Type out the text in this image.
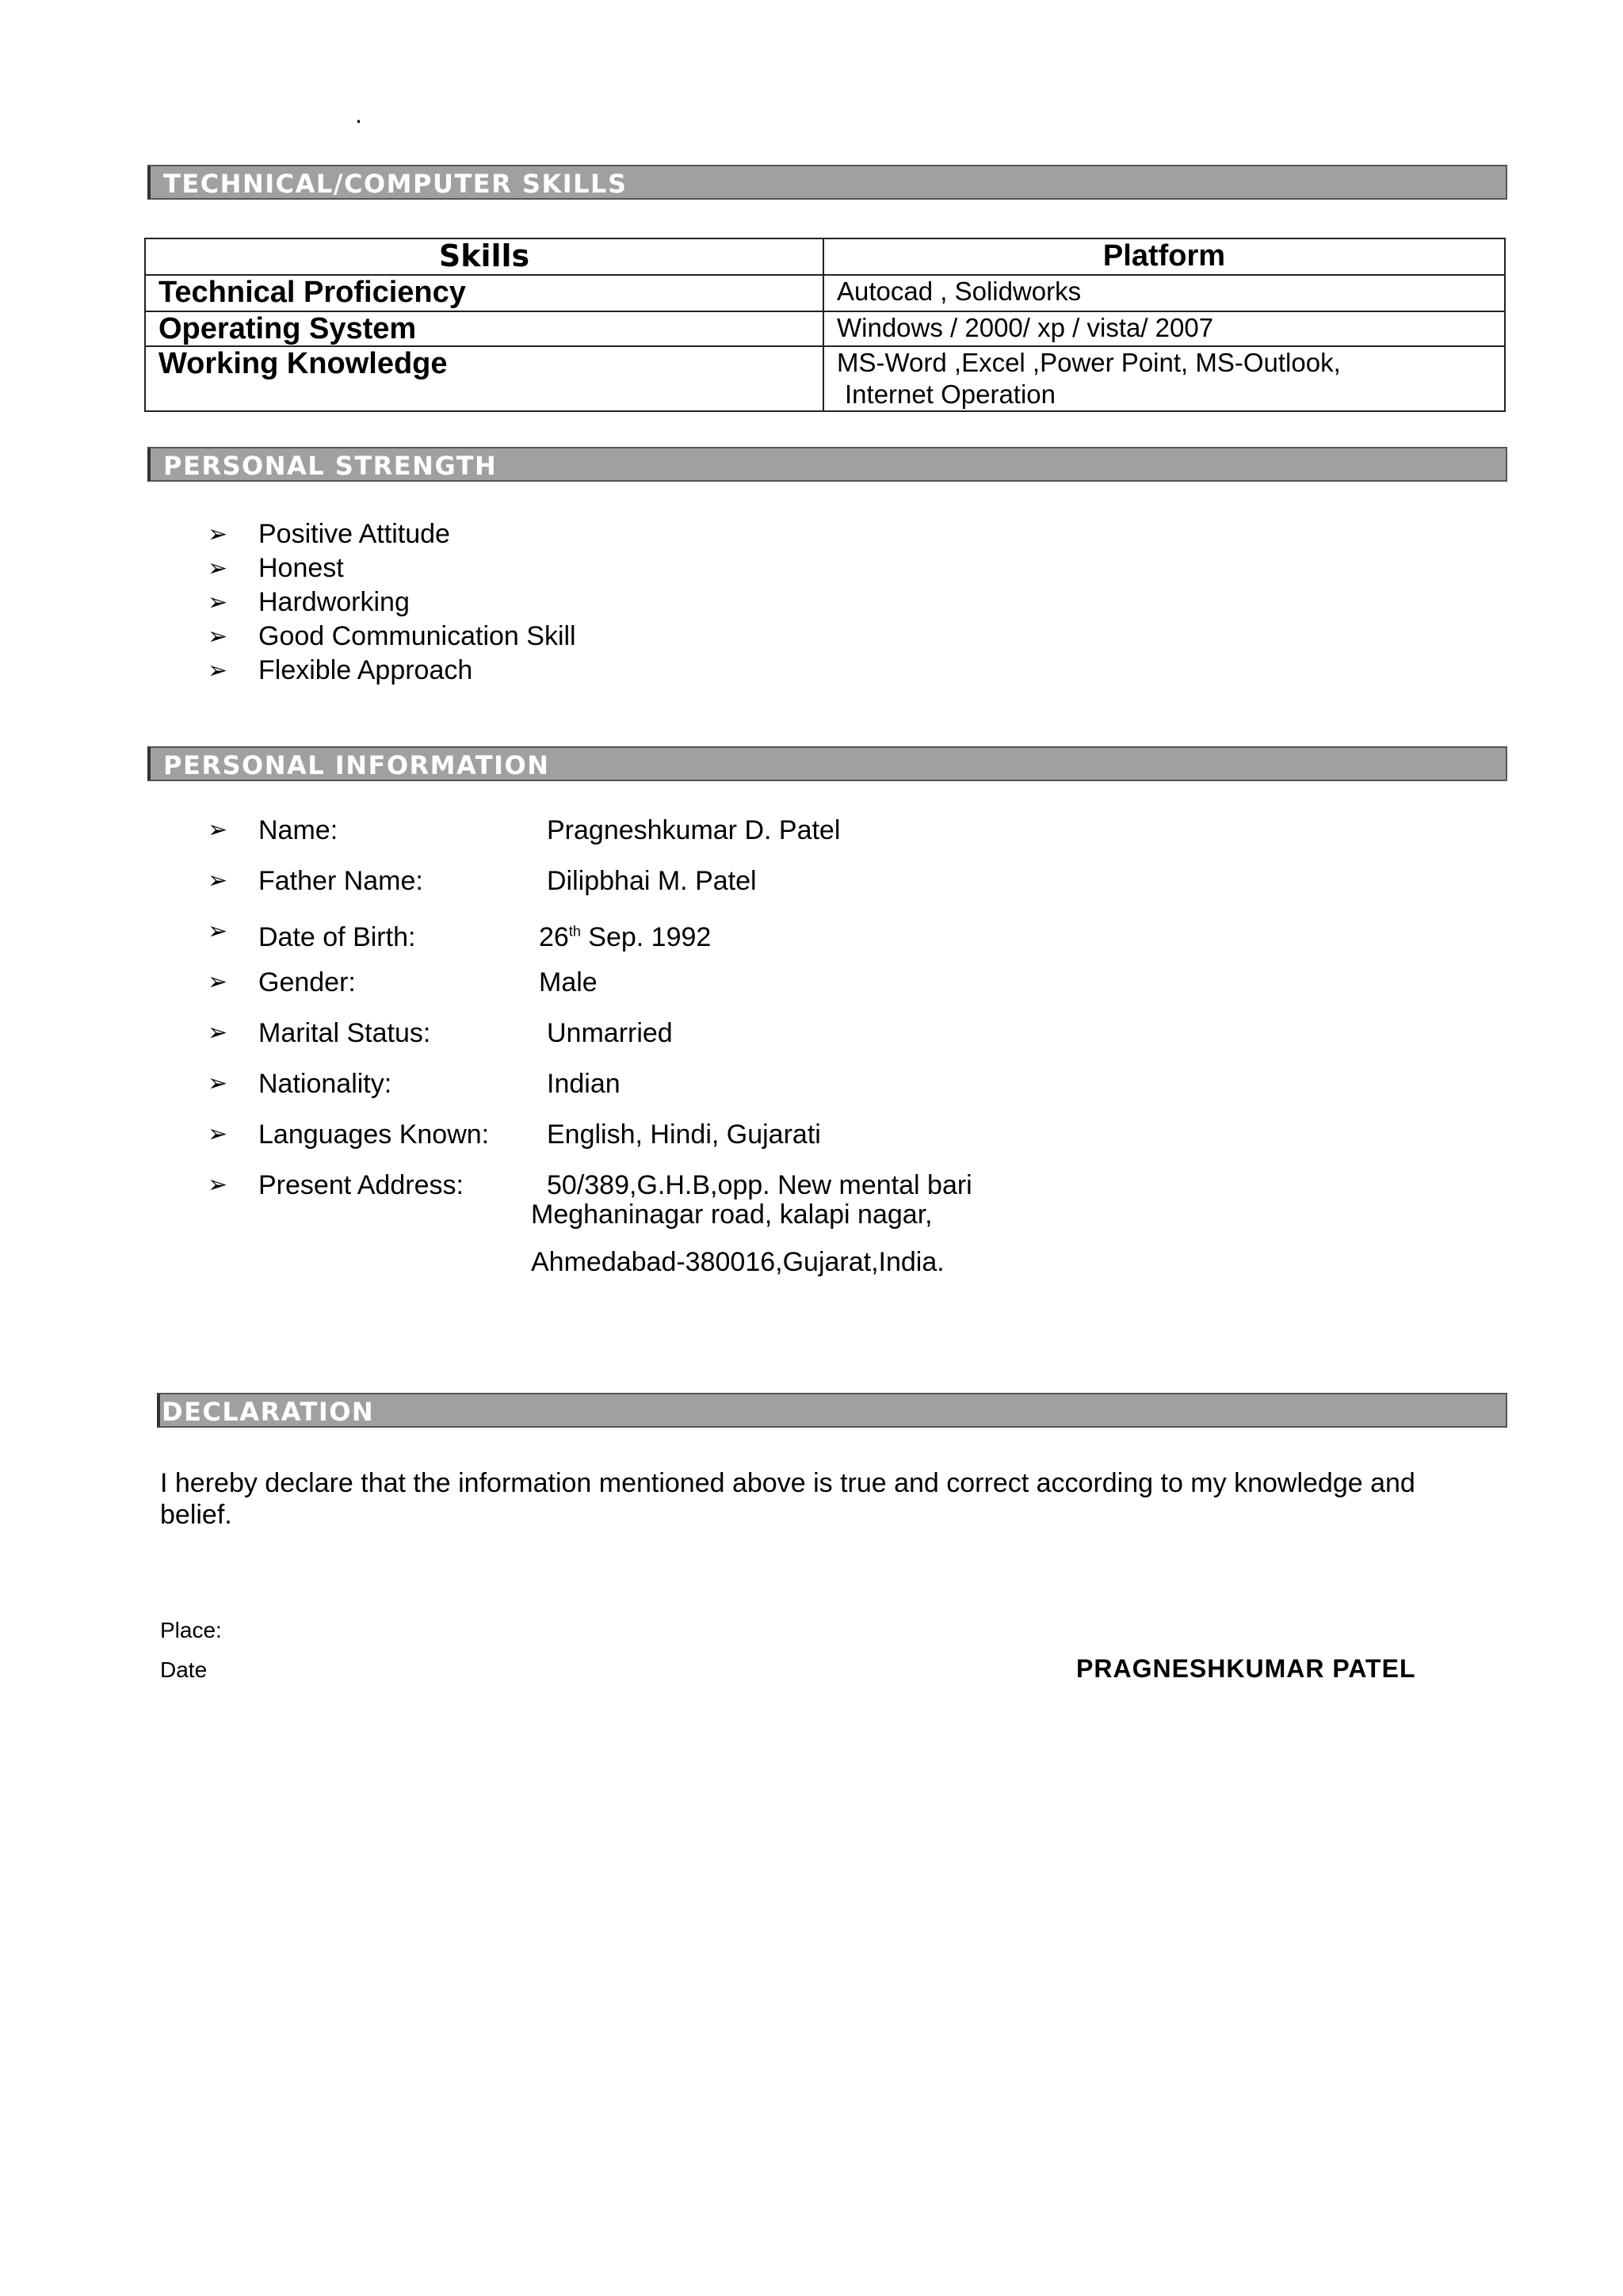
.
TECHNICAL/COMPUTER SKILLS
Skills	Platform
Technical Proficiency	Autocad , Solidworks
Operating System	Windows / 2000/ xp / vista/ 2007
Working Knowledge	MS-Word ,Excel ,Power Point, MS-Outlook,
Internet Operation
PERSONAL STRENGTH
➢ Positive Attitude
➢ Honest
➢ Hardworking
➢ Good Communication Skill
➢ Flexible Approach
PERSONAL INFORMATION
➢ Name:	Pragneshkumar D. Patel
➢ Father Name:	Dilipbhai M. Patel
➢ Date of Birth:	26th Sep. 1992
➢ Gender:	Male
➢ Marital Status:	Unmarried
➢ Nationality:	Indian
➢ Languages Known: English, Hindi, Gujarati
➢ Present Address:	50/389,G.H.B,opp. New mental bari
Meghaninagar road, kalapi nagar,
Ahmedabad-380016,Gujarat,India.
DECLARATION
I hereby declare that the information mentioned above is true and correct according to my knowledge and belief.
Place:
Date	PRAGNESHKUMAR PATEL
